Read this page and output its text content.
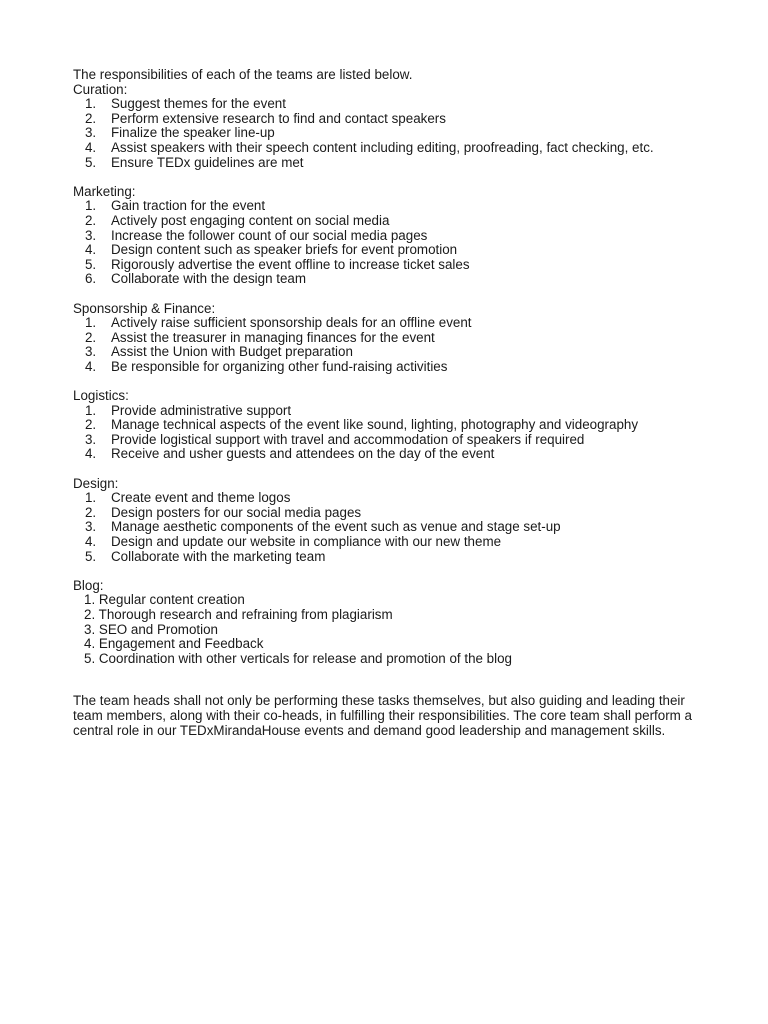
The responsibilities of each of the teams are listed below.

Curation:

1. Suggest themes for the event
2. Perform extensive research to find and contact speakers
3. Finalize the speaker line-up
4. Assist speakers with their speech content including editing, proofreading, fact checking, etc.
5. Ensure TEDx guidelines are met

Marketing:

1. Gain traction for the event
2. Actively post engaging content on social media
3. Increase the follower count of our social media pages
4. Design content such as speaker briefs for event promotion
5. Rigorously advertise the event offline to increase ticket sales
6. Collaborate with the design team

Sponsorship & Finance:

1. Actively raise sufficient sponsorship deals for an offline event
2. Assist the treasurer in managing finances for the event
3. Assist the Union with Budget preparation
4. Be responsible for organizing other fund-raising activities

Logistics:

1. Provide administrative support
2. Manage technical aspects of the event like sound, lighting, photography and videography
3. Provide logistical support with travel and accommodation of speakers if required
4. Receive and usher guests and attendees on the day of the event

Design:

1. Create event and theme logos
2. Design posters for our social media pages
3. Manage aesthetic components of the event such as venue and stage set-up
4. Design and update our website in compliance with our new theme
5. Collaborate with the marketing team

Blog:

1. Regular content creation
2. Thorough research and refraining from plagiarism
3. SEO and Promotion
4. Engagement and Feedback
5. Coordination with other verticals for release and promotion of the blog

The team heads shall not only be performing these tasks themselves, but also guiding and leading their team members, along with their co-heads, in fulfilling their responsibilities. The core team shall perform a central role in our TEDxMirandaHouse events and demand good leadership and management skills.
